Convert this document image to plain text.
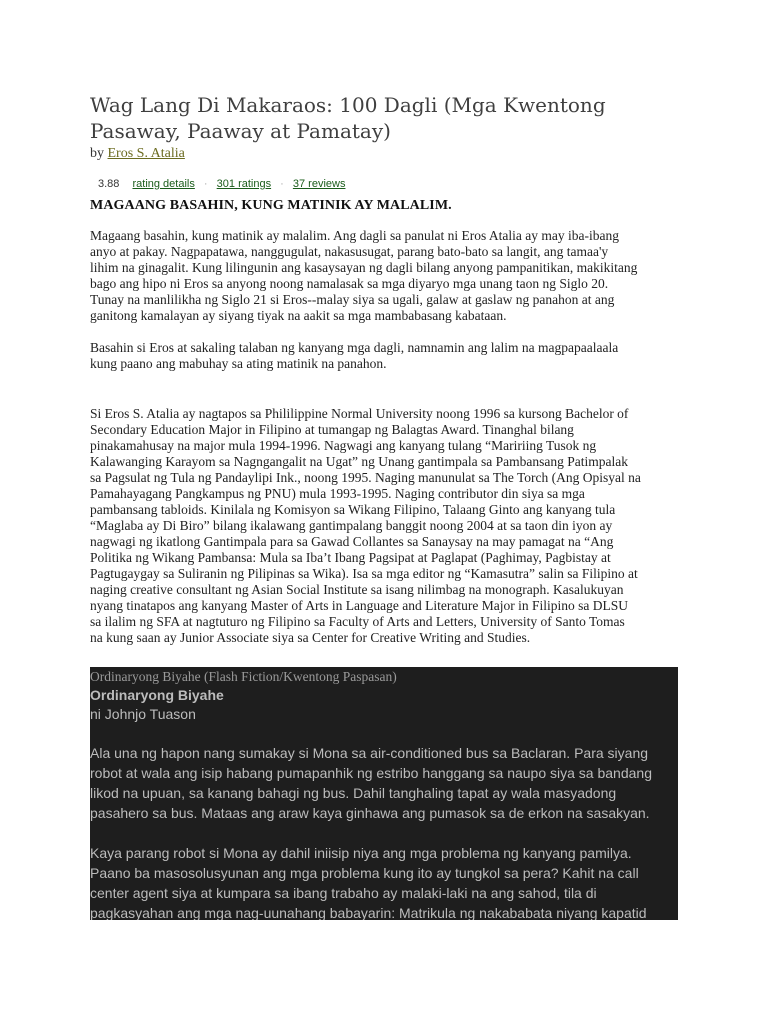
Wag Lang Di Makaraos: 100 Dagli (Mga Kwentong Pasaway, Paaway at Pamatay)
by Eros S. Atalia
3.88 rating details · 301 ratings · 37 reviews
MAGAANG BASAHIN, KUNG MATINIK AY MALALIM.
Magaang basahin, kung matinik ay malalim. Ang dagli sa panulat ni Eros Atalia ay may iba-ibang
anyo at pakay. Nagpapatawa, nanggugulat, nakasusugat, parang bato-bato sa langit, ang tamaa'y
lihim na ginagalit. Kung lilingunin ang kasaysayan ng dagli bilang anyong pampanitikan, makikitang
bago ang hipo ni Eros sa anyong noong namalasak sa mga diyaryo mga unang taon ng Siglo 20.
Tunay na manlilikha ng Siglo 21 si Eros--malay siya sa ugali, galaw at gaslaw ng panahon at ang
ganitong kamalayan ay siyang tiyak na aakit sa mga mambabasang kabataan.
Basahin si Eros at sakaling talaban ng kanyang mga dagli, namnamin ang lalim na magpapaalaala
kung paano ang mabuhay sa ating matinik na panahon.
Si Eros S. Atalia ay nagtapos sa Phililippine Normal University noong 1996 sa kursong Bachelor of
Secondary Education Major in Filipino at tumangap ng Balagtas Award. Tinanghal bilang
pinakamahusay na major mula 1994-1996. Nagwagi ang kanyang tulang “Maririing Tusok ng
Kalawanging Karayom sa Nagngangalit na Ugat” ng Unang gantimpala sa Pambansang Patimpalak
sa Pagsulat ng Tula ng Pandaylipi Ink., noong 1995. Naging manunulat sa The Torch (Ang Opisyal na
Pamahayagang Pangkampus ng PNU) mula 1993-1995. Naging contributor din siya sa mga
pambansang tabloids. Kinilala ng Komisyon sa Wikang Filipino, Talaang Ginto ang kanyang tula
“Maglaba ay Di Biro” bilang ikalawang gantimpalang banggit noong 2004 at sa taon din iyon ay
nagwagi ng ikatlong Gantimpala para sa Gawad Collantes sa Sanaysay na may pamagat na “Ang
Politika ng Wikang Pambansa: Mula sa Iba’t Ibang Pagsipat at Paglapat (Paghimay, Pagbistay at
Pagtugaygay sa Suliranin ng Pilipinas sa Wika). Isa sa mga editor ng “Kamasutra” salin sa Filipino at
naging creative consultant ng Asian Social Institute sa isang nilimbag na monograph. Kasalukuyan
nyang tinatapos ang kanyang Master of Arts in Language and Literature Major in Filipino sa DLSU
sa ilalim ng SFA at nagtuturo ng Filipino sa Faculty of Arts and Letters, University of Santo Tomas
na kung saan ay Junior Associate siya sa Center for Creative Writing and Studies.
Ordinaryong Biyahe (Flash Fiction/Kwentong Paspasan)
Ordinaryong Biyahe
ni Johnjo Tuason
Ala una ng hapon nang sumakay si Mona sa air-conditioned bus sa Baclaran. Para siyang
robot at wala ang isip habang pumapanhik ng estribo hanggang sa naupo siya sa bandang
likod na upuan, sa kanang bahagi ng bus. Dahil tanghaling tapat ay wala masyadong
pasahero sa bus. Mataas ang araw kaya ginhawa ang pumasok sa de erkon na sasakyan.
Kaya parang robot si Mona ay dahil iniisip niya ang mga problema ng kanyang pamilya.
Paano ba masosolusyunan ang mga problema kung ito ay tungkol sa pera? Kahit na call
center agent siya at kumpara sa ibang trabaho ay malaki-laki na ang sahod, tila di
pagkasyahan ang mga nag-uunahang babayarin: Matrikula ng nakababata niyang kapatid
